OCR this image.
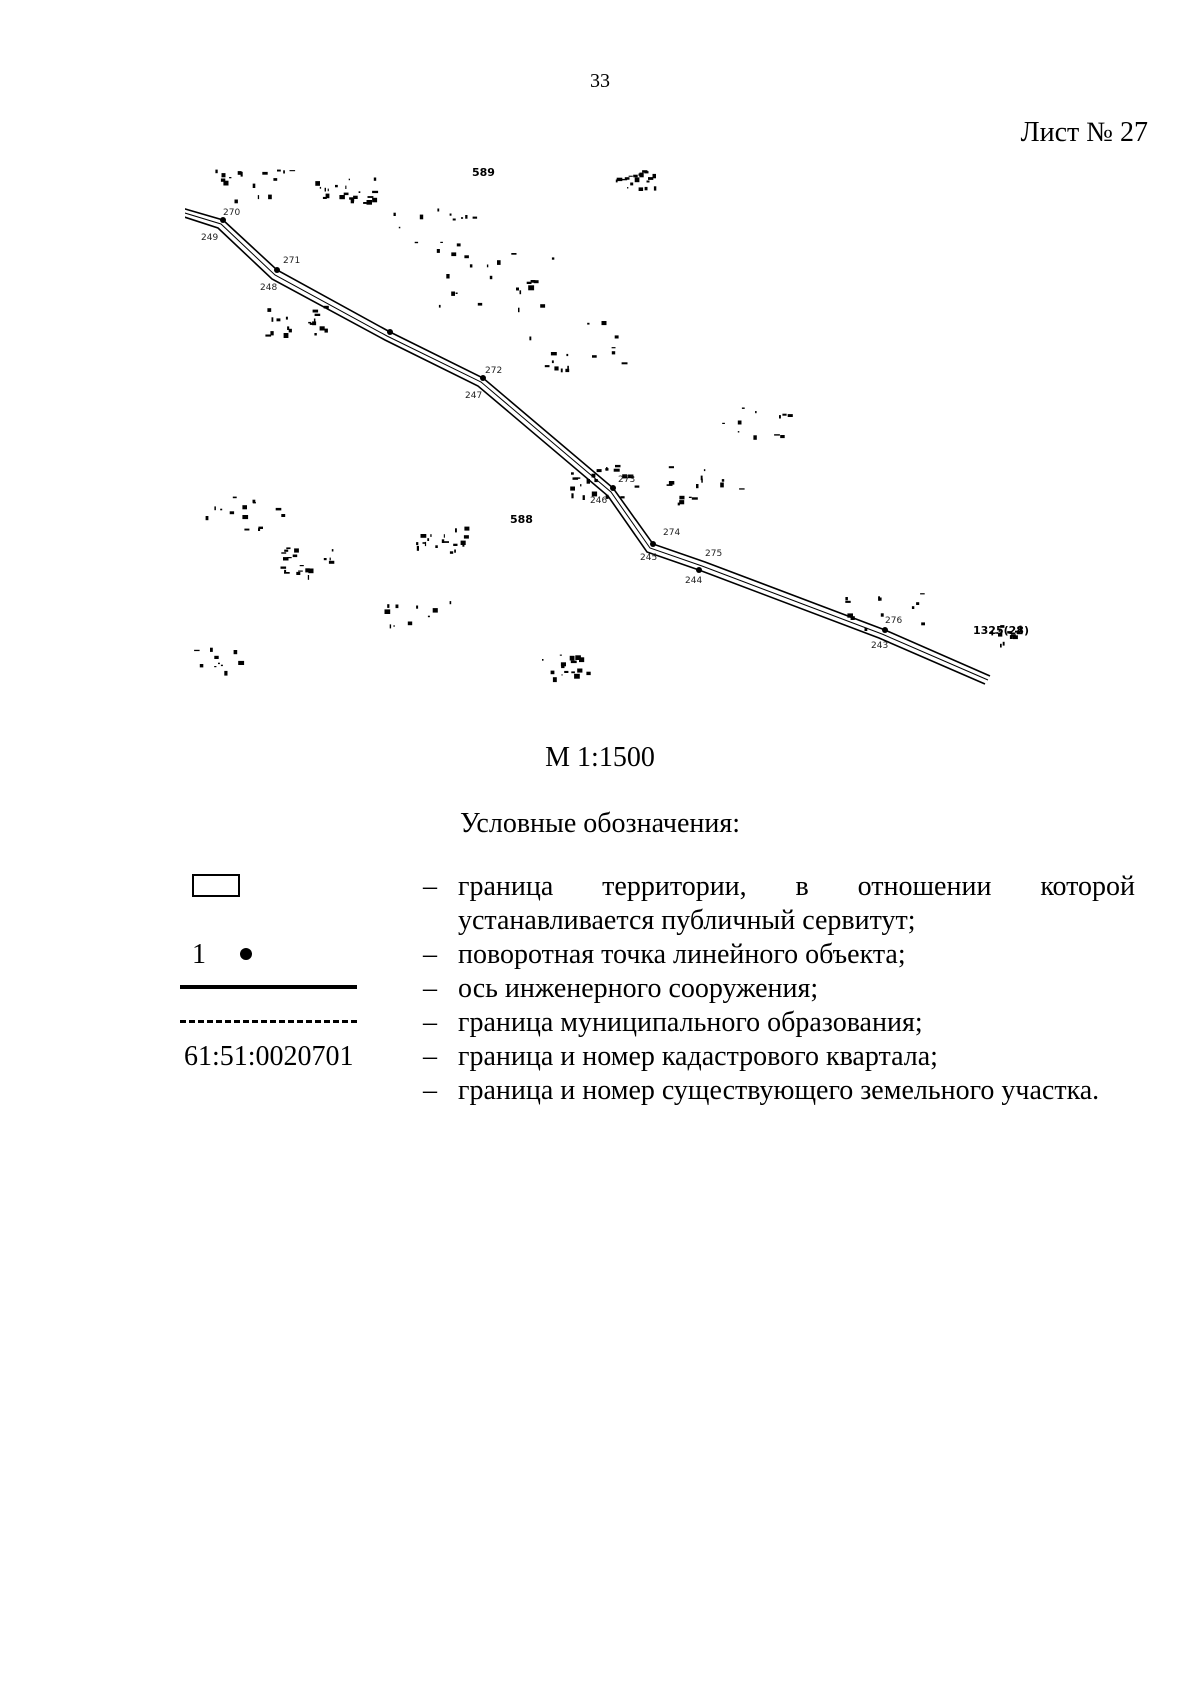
33
Лист № 27
270
249
271
248
272
247
273
246
274
245	275
244
276
243
589
588
1325(28)
М 1:1500
Условные обозначения:
– граница территории, в отношении которой
устанавливается публичный сервитут;
1	– поворотная точка линейного объекта;
– ось инженерного сооружения;
– граница муниципального образования;
61:51:0020701 – граница и номер кадастрового квартала;
– граница и номер существующего земельного участка.
